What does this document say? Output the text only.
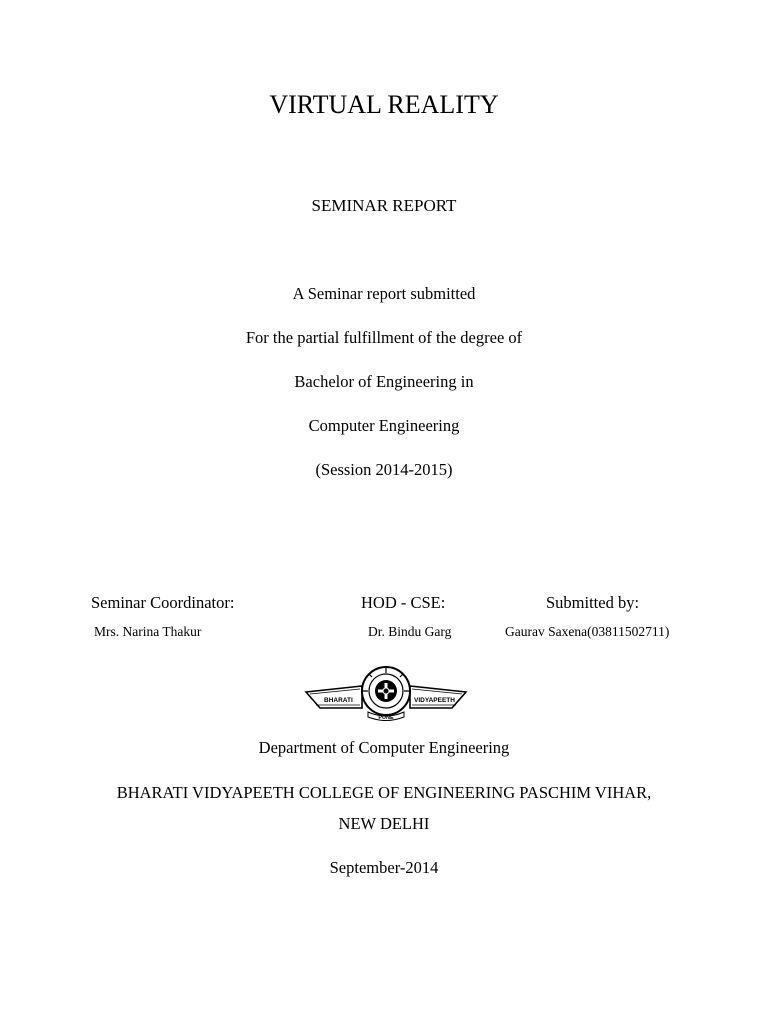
VIRTUAL REALITY
SEMINAR REPORT
A Seminar report submitted
For the partial fulfillment of the degree of
Bachelor of Engineering in
Computer Engineering
(Session 2014-2015)
Seminar Coordinator:	HOD - CSE:	Submitted by:
Mrs. Narina Thakur	Dr. Bindu Garg	Gaurav Saxena(03811502711)
BHARATI	VIDYAPEETH
PUNE
Department of Computer Engineering
BHARATI VIDYAPEETH COLLEGE OF ENGINEERING PASCHIM VIHAR,
NEW DELHI
September-2014
